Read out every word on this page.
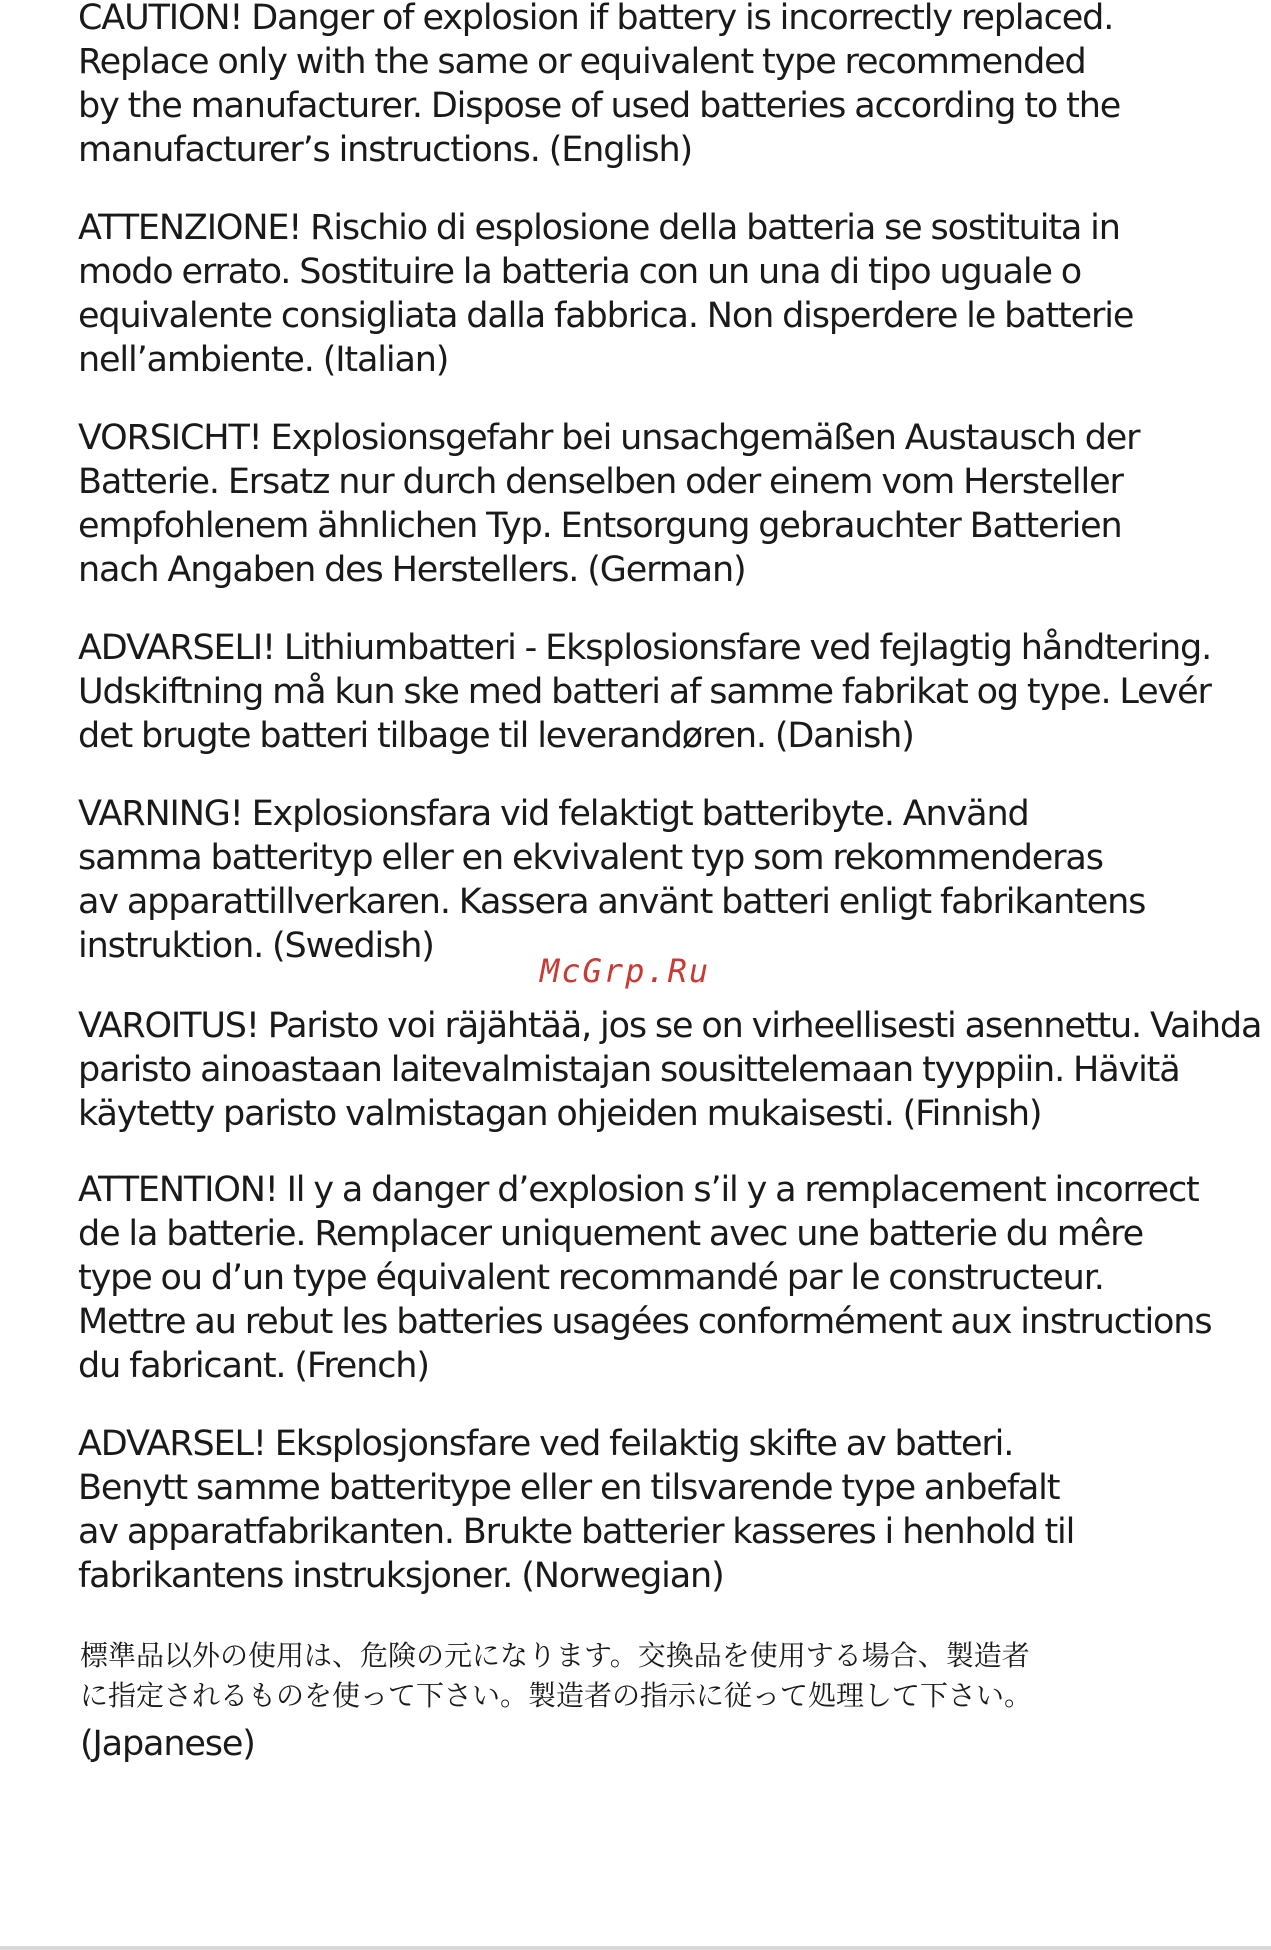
CAUTION! Danger of explosion if battery is incorrectly replaced.
Replace only with the same or equivalent type recommended
by the manufacturer. Dispose of used batteries according to the
manufacturer’s instructions. (English)
ATTENZIONE! Rischio di esplosione della batteria se sostituita in
modo errato. Sostituire la batteria con un una di tipo uguale o
equivalente consigliata dalla fabbrica. Non disperdere le batterie
nell’ambiente. (Italian)
VORSICHT! Explosionsgefahr bei unsachgemäßen Austausch der
Batterie. Ersatz nur durch denselben oder einem vom Hersteller
empfohlenem ähnlichen Typ. Entsorgung gebrauchter Batterien
nach Angaben des Herstellers. (German)
ADVARSELI! Lithiumbatteri - Eksplosionsfare ved fejlagtig håndtering.
Udskiftning må kun ske med batteri af samme fabrikat og type. Levér
det brugte batteri tilbage til leverandøren. (Danish)
VARNING! Explosionsfara vid felaktigt batteribyte. Använd
samma batterityp eller en ekvivalent typ som rekommenderas
av apparattillverkaren. Kassera använt batteri enligt fabrikantens
instruktion. (Swedish)
VAROITUS! Paristo voi räjähtää, jos se on virheellisesti asennettu. Vaihda
paristo ainoastaan laitevalmistajan sousittelemaan tyyppiin. Hävitä
käytetty paristo valmistagan ohjeiden mukaisesti. (Finnish)
ATTENTION! Il y a danger d’explosion s’il y a remplacement incorrect
de la batterie. Remplacer uniquement avec une batterie du mêre
type ou d’un type équivalent recommandé par le constructeur.
Mettre au rebut les batteries usagées conformément aux instructions
du fabricant. (French)
ADVARSEL! Eksplosjonsfare ved feilaktig skifte av batteri.
Benytt samme batteritype eller en tilsvarende type anbefalt
av apparatfabrikanten. Brukte batterier kasseres i henhold til
fabrikantens instruksjoner. (Norwegian)
標準品以外の使用は、危険の元になります。交換品を使用する場合、製造者
に指定されるものを使って下さい。製造者の指示に従って処理して下さい。
(Japanese)
McGrp.Ru
